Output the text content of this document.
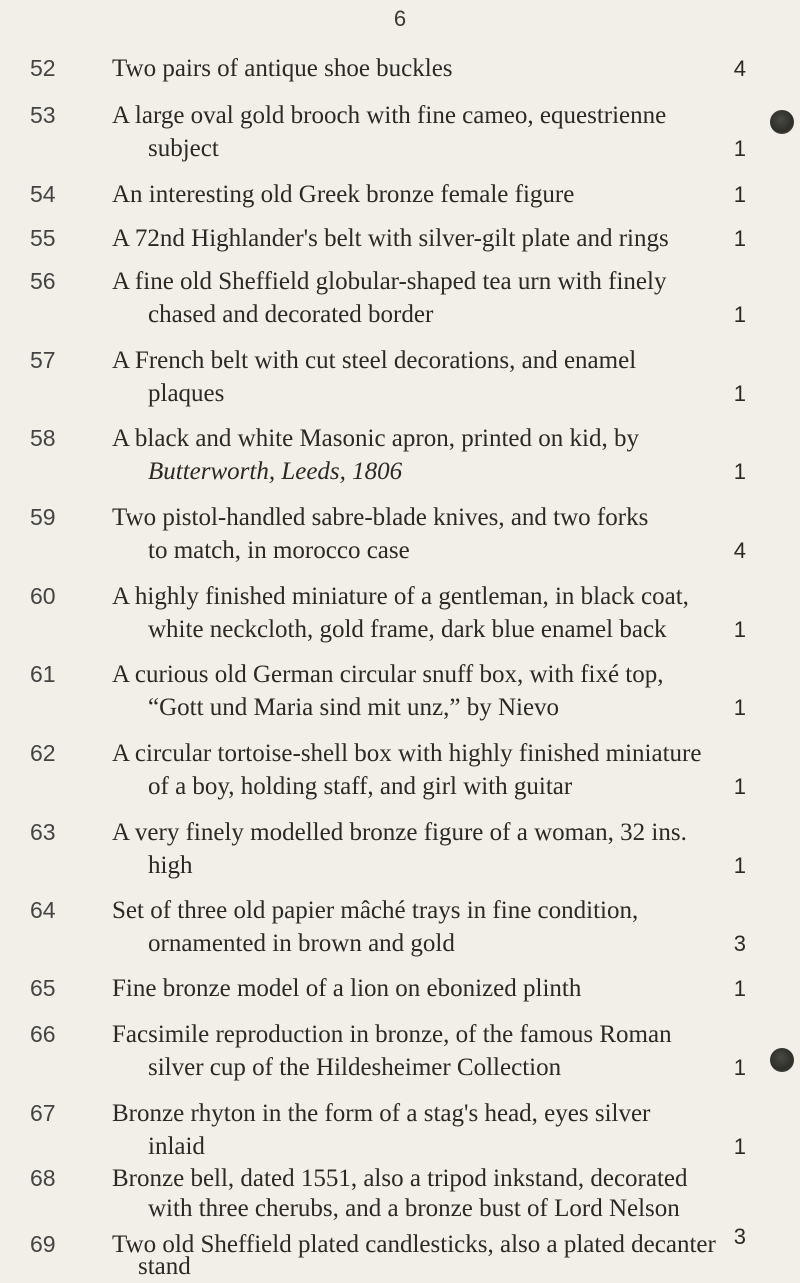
6
52	Two pairs of antique shoe buckles	4
53	A large oval gold brooch with fine cameo, equestrienne
subject	1
54	An interesting old Greek bronze female figure	1
55	A 72nd Highlander's belt with silver-gilt plate and rings	1
56	A fine old Sheffield globular-shaped tea urn with finely
chased and decorated border	1
57	A French belt with cut steel decorations, and enamel
plaques	1
58	A black and white Masonic apron, printed on kid, by
Butterworth, Leeds, 1806	1
59	Two pistol-handled sabre-blade knives, and two forks
to match, in morocco case	4
60	A highly finished miniature of a gentleman, in black coat,
white neckcloth, gold frame, dark blue enamel back	1
61	A curious old German circular snuff box, with fixé top,
“Gott und Maria sind mit unz,” by Nievo	1
62	A circular tortoise-shell box with highly finished miniature
of a boy, holding staff, and girl with guitar	1
63	A very finely modelled bronze figure of a woman, 32 ins.
high	1
64	Set of three old papier mâché trays in fine condition,
ornamented in brown and gold	3
65	Fine bronze model of a lion on ebonized plinth	1
66	Facsimile reproduction in bronze, of the famous Roman
silver cup of the Hildesheimer Collection	1
67	Bronze rhyton in the form of a stag's head, eyes silver
inlaid	1
68	Bronze bell, dated 1551, also a tripod inkstand, decorated
with three cherubs, and a bronze bust of Lord Nelson
3
69	Two old Sheffield plated candlesticks, also a plated decanter
stand
